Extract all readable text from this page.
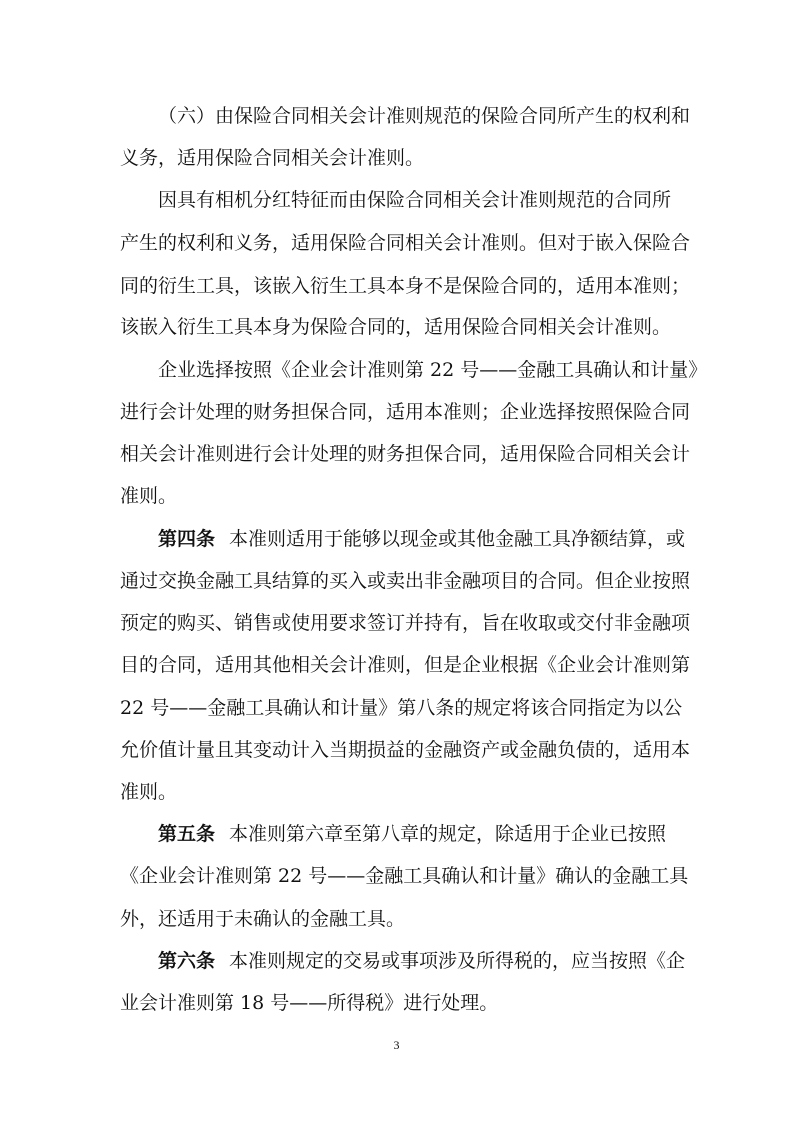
（六）由保险合同相关会计准则规范的保险合同所产生的权利和
义务，适用保险合同相关会计准则。
因具有相机分红特征而由保险合同相关会计准则规范的合同所
产生的权利和义务，适用保险合同相关会计准则。但对于嵌入保险合
同的衍生工具，该嵌入衍生工具本身不是保险合同的，适用本准则；
该嵌入衍生工具本身为保险合同的，适用保险合同相关会计准则。
企业选择按照《企业会计准则第 22 号——金融工具确认和计量》
进行会计处理的财务担保合同，适用本准则；企业选择按照保险合同
相关会计准则进行会计处理的财务担保合同，适用保险合同相关会计
准则。
第四条 本准则适用于能够以现金或其他金融工具净额结算，或
通过交换金融工具结算的买入或卖出非金融项目的合同。但企业按照
预定的购买、销售或使用要求签订并持有，旨在收取或交付非金融项
目的合同，适用其他相关会计准则，但是企业根据《企业会计准则第
22 号——金融工具确认和计量》第八条的规定将该合同指定为以公
允价值计量且其变动计入当期损益的金融资产或金融负债的，适用本
准则。
第五条 本准则第六章至第八章的规定，除适用于企业已按照
《企业会计准则第 22 号——金融工具确认和计量》确认的金融工具
外，还适用于未确认的金融工具。
第六条 本准则规定的交易或事项涉及所得税的，应当按照《企
业会计准则第 18 号——所得税》进行处理。
3
